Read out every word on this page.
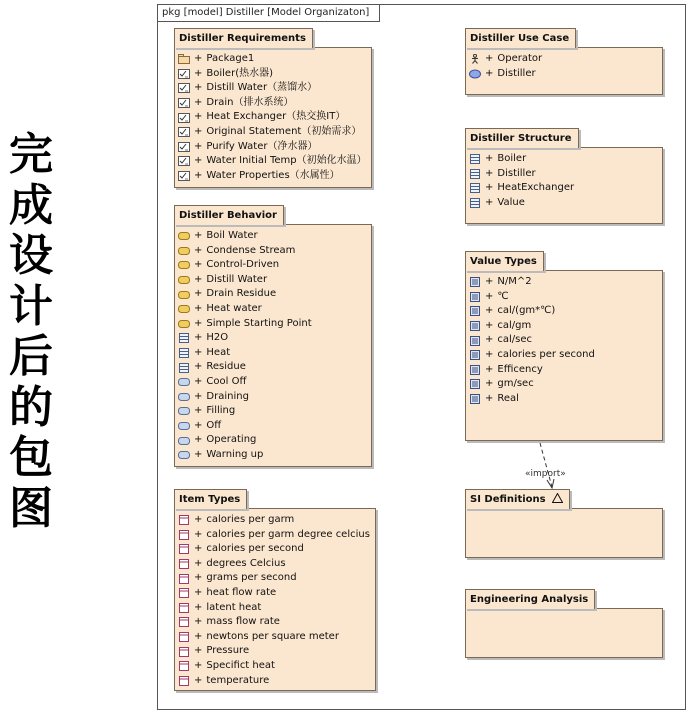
完
成
设
计
后
的
包
图
pkg [model] Distiller [Model Organizaton]
«import»
+ Package1
+ Boiler(热水器)
+ Distill Water（蒸馏水）
+ Drain（排水系统）
+ Heat Exchanger（热交换IT）
+ Original Statement（初始需求）
+ Purify Water（净水器）
+ Water Initial Temp（初始化水温）
+ Water Properties（水属性）
Distiller Requirements
+ Operator
+ Distiller
Distiller Use Case
+ Boiler
+ Distiller
+ HeatExchanger
+ Value
Distiller Structure
+ Boil Water
+ Condense Stream
+ Control-Driven
+ Distill Water
+ Drain Residue
+ Heat water
+ Simple Starting Point
+ H2O
+ Heat
+ Residue
+ Cool Off
+ Draining
+ Filling
+ Off
+ Operating
+ Warning up
Distiller Behavior
+ N/M^2
+ ℃
+ cal/(gm*℃)
+ cal/gm
+ cal/sec
+ calories per second
+ Efficency
+ gm/sec
+ Real
Value Types
SI Definitions
+ calories per garm
+ calories per garm degree celcius
+ calories per second
+ degrees Celcius
+ grams per second
+ heat flow rate
+ latent heat
+ mass flow rate
+ newtons per square meter
+ Pressure
+ Specifict heat
+ temperature
Item Types
Engineering Analysis
